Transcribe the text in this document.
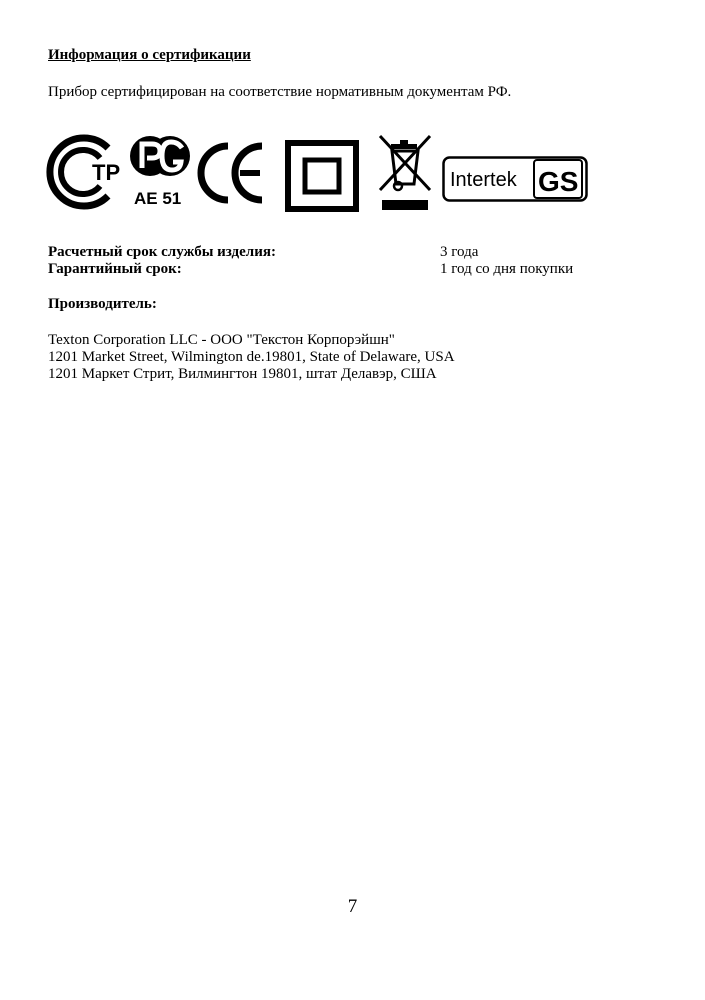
Информация о сертификации
Прибор сертифицирован на соответствие нормативным документам РФ.
ТР
AE 51
Intertek GS
Расчетный срок службы изделия:	3 года
Гарантийный срок:	1 год со дня покупки
Производитель:
Texton Corporation LLC - ООО "Текстон Корпорэйшн"
1201 Market Street, Wilmington de.19801, State of Delaware, USA
1201 Маркет Стрит, Вилмингтон 19801, штат Делавэр, США
7
